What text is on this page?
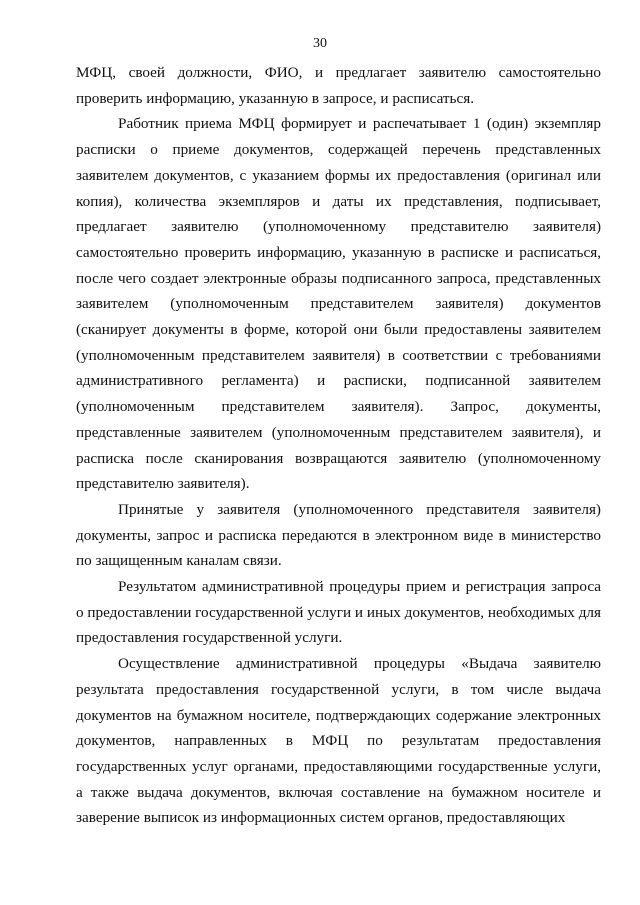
30

МФЦ, своей должности, ФИО, и предлагает заявителю самостоятельно проверить информацию, указанную в запросе, и расписаться.

Работник приема МФЦ формирует и распечатывает 1 (один) экземпляр расписки о приеме документов, содержащей перечень представленных заявителем документов, с указанием формы их предоставления (оригинал или копия), количества экземпляров и даты их представления, подписывает, предлагает заявителю (уполномоченному представителю заявителя) самостоятельно проверить информацию, указанную в расписке и расписаться, после чего создает электронные образы подписанного запроса, представленных заявителем (уполномоченным представителем заявителя) документов (сканирует документы в форме, которой они были предоставлены заявителем (уполномоченным представителем заявителя) в соответствии с требованиями административного регламента) и расписки, подписанной заявителем (уполномоченным представителем заявителя). Запрос, документы, представленные заявителем (уполномоченным представителем заявителя), и расписка после сканирования возвращаются заявителю (уполномоченному представителю заявителя).

Принятые у заявителя (уполномоченного представителя заявителя) документы, запрос и расписка передаются в электронном виде в министерство по защищенным каналам связи.

Результатом административной процедуры прием и регистрация запроса о предоставлении государственной услуги и иных документов, необходимых для предоставления государственной услуги.

Осуществление административной процедуры «Выдача заявителю результата предоставления государственной услуги, в том числе выдача документов на бумажном носителе, подтверждающих содержание электронных документов, направленных в МФЦ по результатам предоставления государственных услуг органами, предоставляющими государственные услуги, а также выдача документов, включая составление на бумажном носителе и заверение выписок из информационных систем органов, предоставляющих
